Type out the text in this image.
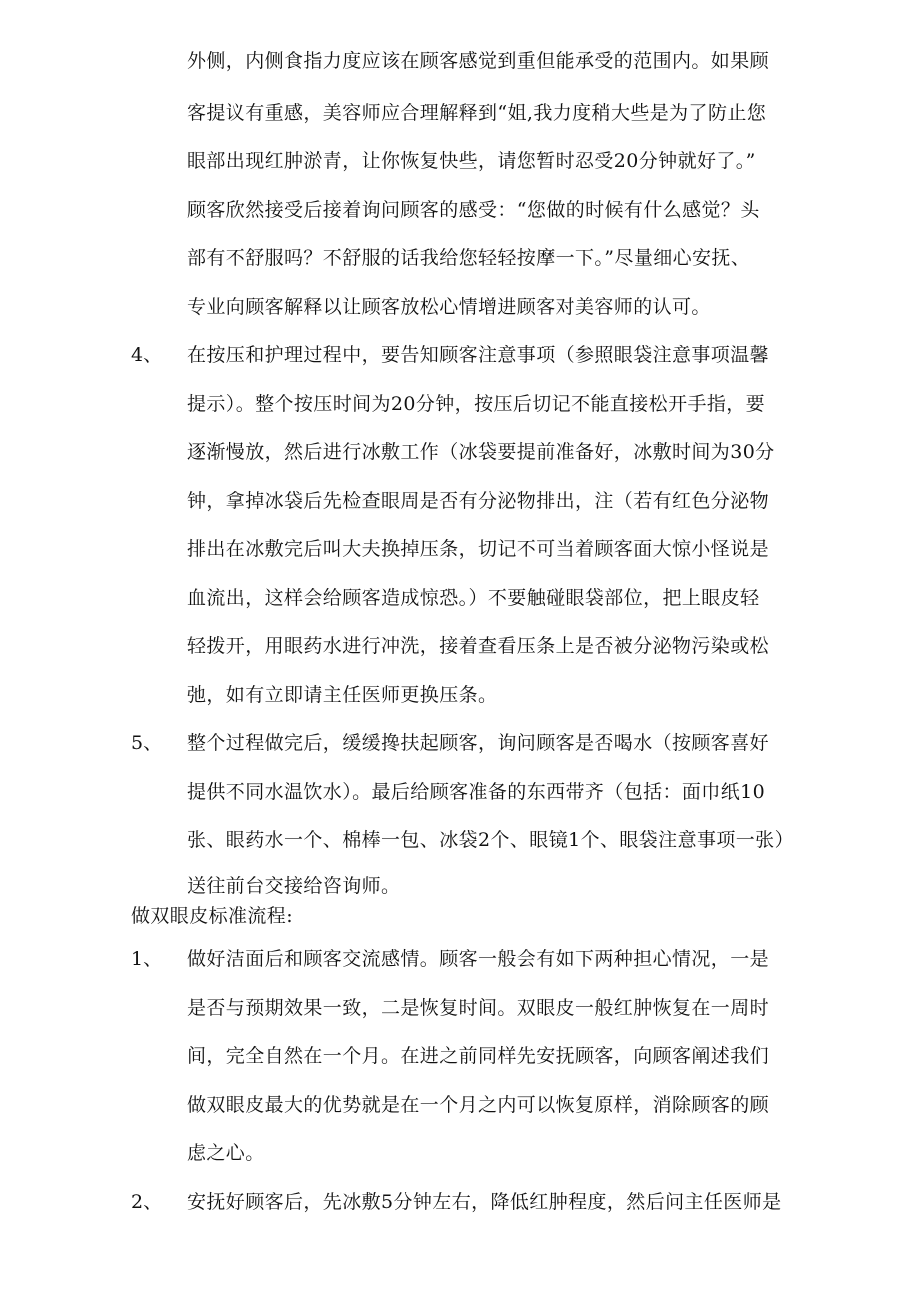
外侧，内侧食指力度应该在顾客感觉到重但能承受的范围内。如果顾
客提议有重感，美容师应合理解释到“姐,我力度稍大些是为了防止您
眼部出现红肿淤青，让你恢复快些，请您暂时忍受20分钟就好了。”
顾客欣然接受后接着询问顾客的感受：“您做的时候有什么感觉？头
部有不舒服吗？不舒服的话我给您轻轻按摩一下。”尽量细心安抚、
专业向顾客解释以让顾客放松心情增进顾客对美容师的认可。
4、 在按压和护理过程中，要告知顾客注意事项（参照眼袋注意事项温馨
提示）。整个按压时间为20分钟，按压后切记不能直接松开手指，要
逐渐慢放，然后进行冰敷工作（冰袋要提前准备好，冰敷时间为30分
钟，拿掉冰袋后先检查眼周是否有分泌物排出，注（若有红色分泌物
排出在冰敷完后叫大夫换掉压条，切记不可当着顾客面大惊小怪说是
血流出，这样会给顾客造成惊恐。）不要触碰眼袋部位，把上眼皮轻
轻拨开，用眼药水进行冲洗，接着查看压条上是否被分泌物污染或松
弛，如有立即请主任医师更换压条。
5、 整个过程做完后，缓缓搀扶起顾客，询问顾客是否喝水（按顾客喜好
提供不同水温饮水）。最后给顾客准备的东西带齐（包括：面巾纸10
张、眼药水一个、棉棒一包、冰袋2个、眼镜1个、眼袋注意事项一张）
送往前台交接给咨询师。
做双眼皮标准流程:
1、 做好洁面后和顾客交流感情。顾客一般会有如下两种担心情况，一是
是否与预期效果一致，二是恢复时间。双眼皮一般红肿恢复在一周时
间，完全自然在一个月。在进之前同样先安抚顾客，向顾客阐述我们
做双眼皮最大的优势就是在一个月之内可以恢复原样，消除顾客的顾
虑之心。
2、 安抚好顾客后，先冰敷5分钟左右，降低红肿程度，然后问主任医师是
